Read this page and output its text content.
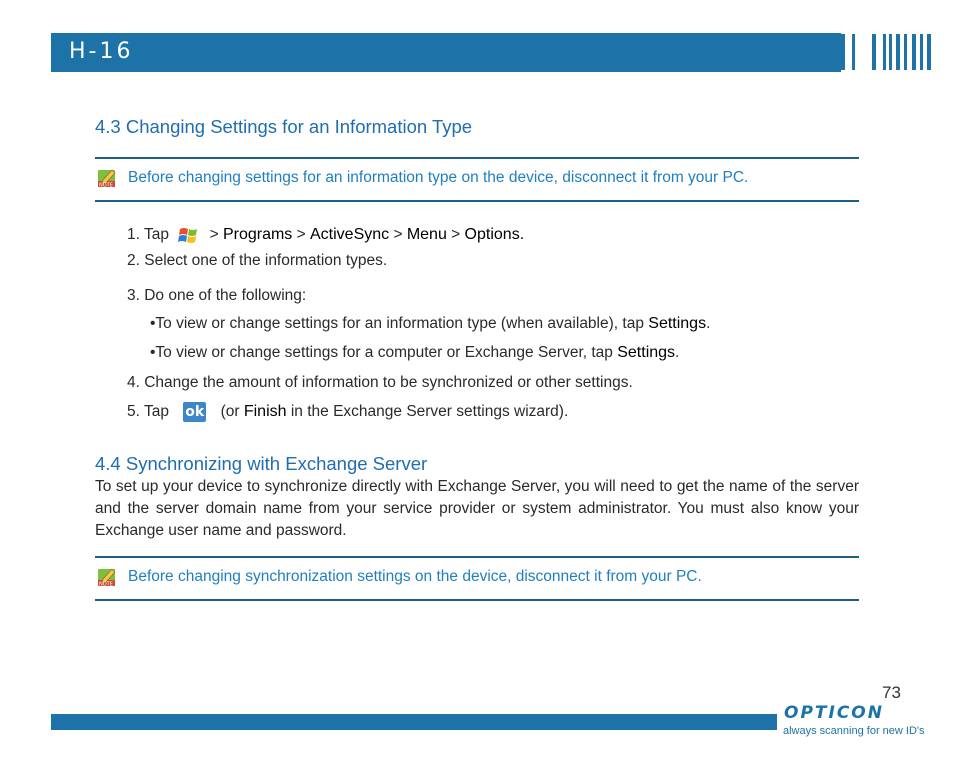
H-16
4.3 Changing Settings for an Information Type
NOTE Before changing settings for an information type on the device, disconnect it from your PC.
1. Tap	> Programs > ActiveSync > Menu > Options.
2. Select one of the information types.
3. Do one of the following:
•To view or change settings for an information type (when available), tap Settings.
•To view or change settings for a computer or Exchange Server, tap Settings.
4. Change the amount of information to be synchronized or other settings.
5. Tap ok (or Finish in the Exchange Server settings wizard).
4.4 Synchronizing with Exchange Server
To set up your device to synchronize directly with Exchange Server, you will need to get the name of the server and the server domain name from your service provider or system administrator. You must also know your Exchange user name and password.
NOTE Before changing synchronization settings on the device, disconnect it from your PC.
73
OPTICON
always scanning for new ID's
